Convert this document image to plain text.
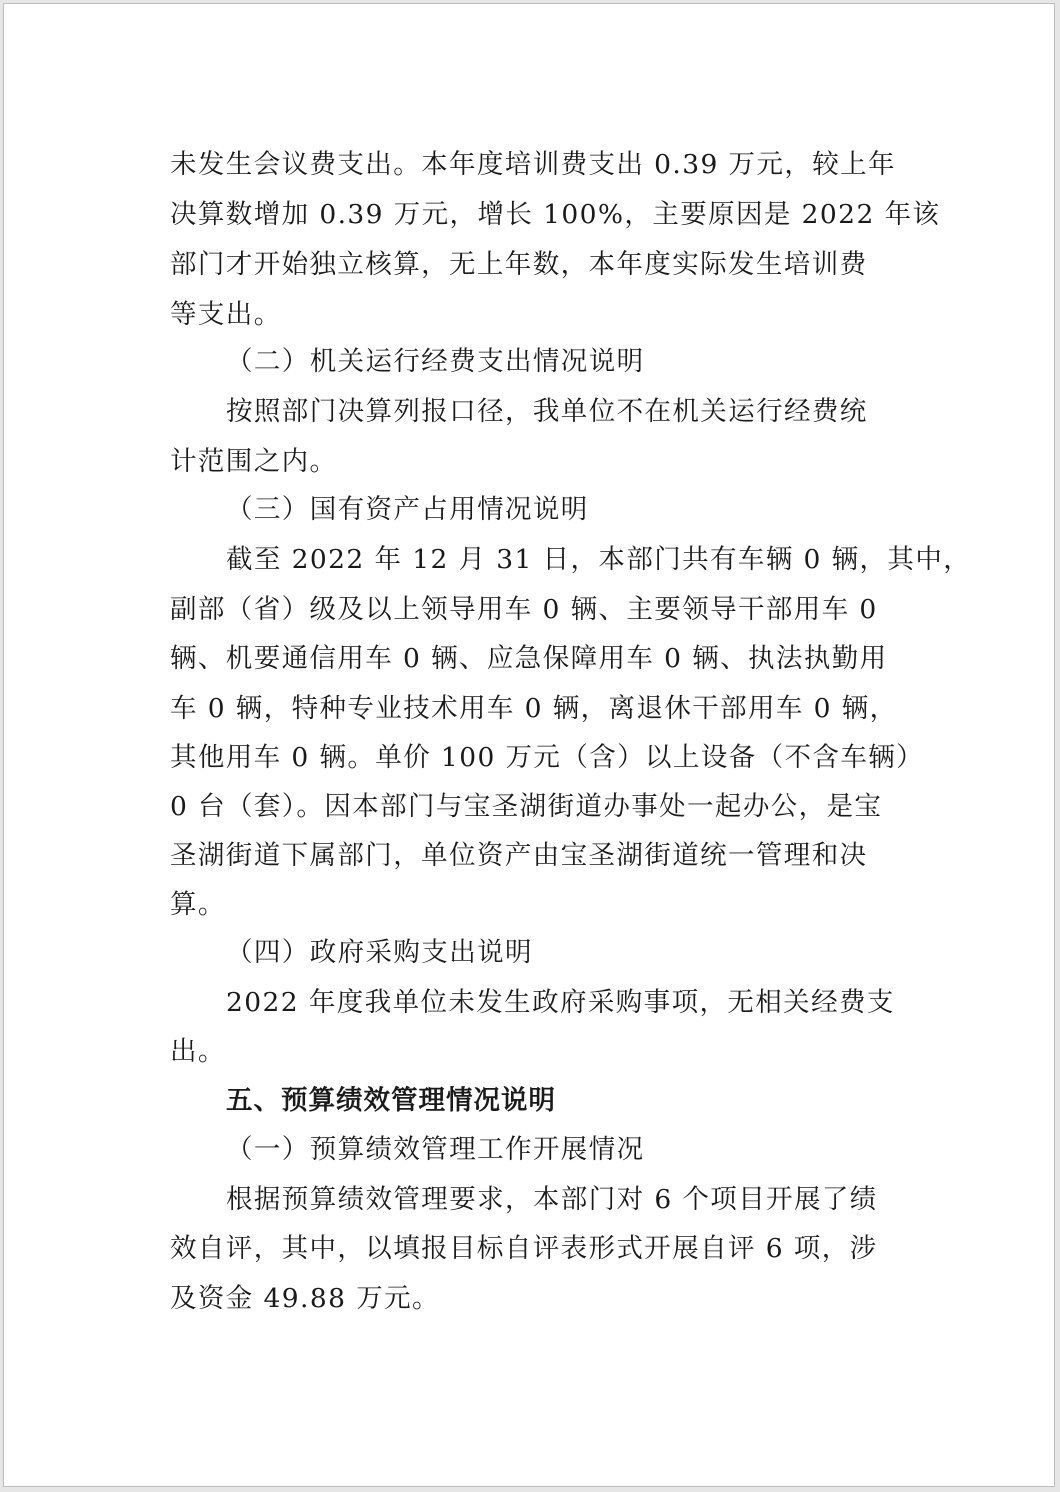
未发生会议费支出。本年度培训费支出 0.39 万元，较上年
决算数增加 0.39 万元，增长 100%，主要原因是 2022 年该
部门才开始独立核算，无上年数，本年度实际发生培训费
等支出。
（二）机关运行经费支出情况说明
按照部门决算列报口径，我单位不在机关运行经费统
计范围之内。
（三）国有资产占用情况说明
截至 2022 年 12 月 31 日，本部门共有车辆 0 辆，其中，
副部（省）级及以上领导用车 0 辆、主要领导干部用车 0
辆、机要通信用车 0 辆、应急保障用车 0 辆、执法执勤用
车 0 辆，特种专业技术用车 0 辆，离退休干部用车 0 辆，
其他用车 0 辆。单价 100 万元（含）以上设备（不含车辆）
0 台（套）。因本部门与宝圣湖街道办事处一起办公，是宝
圣湖街道下属部门，单位资产由宝圣湖街道统一管理和决
算。
（四）政府采购支出说明
2022 年度我单位未发生政府采购事项，无相关经费支
出。
五、预算绩效管理情况说明
（一）预算绩效管理工作开展情况
根据预算绩效管理要求，本部门对 6 个项目开展了绩
效自评，其中，以填报目标自评表形式开展自评 6 项，涉
及资金 49.88 万元。
